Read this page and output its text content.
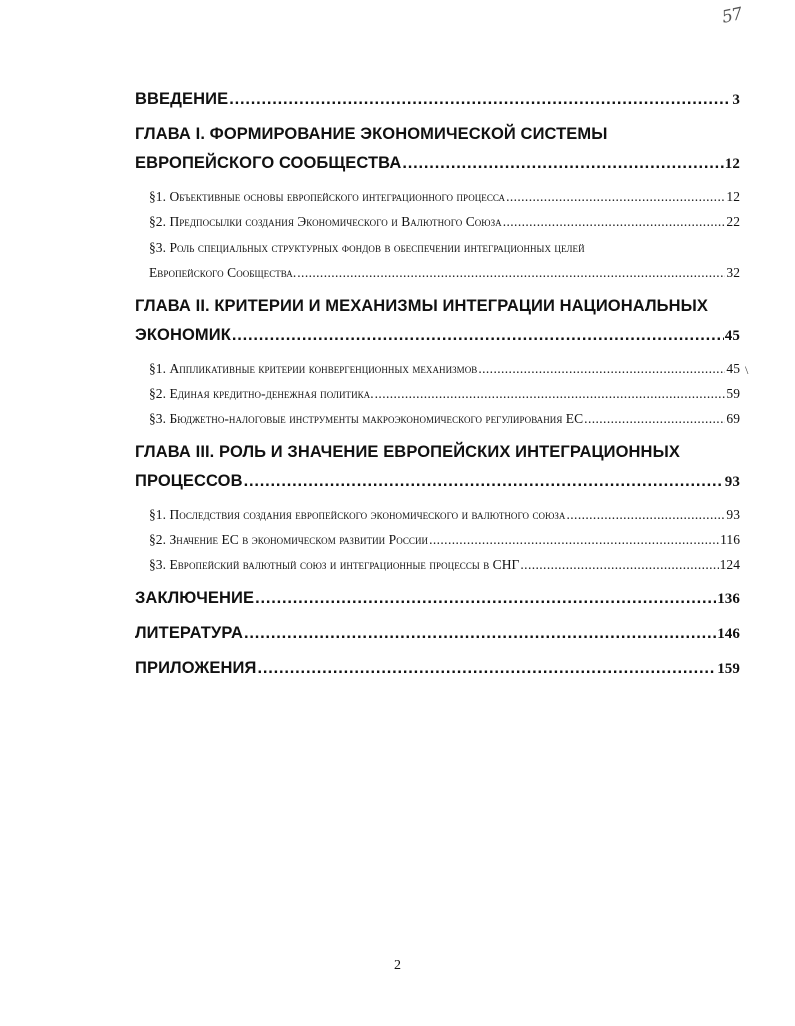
57
ВВЕДЕНИЕ .....	3
ГЛАВА I. ФОРМИРОВАНИЕ ЭКОНОМИЧЕСКОЙ СИСТЕМЫ
ЕВРОПЕЙСКОГО СООБЩЕСТВА .....	12
§1. Объективные основы европейского интеграционного процесса .....	12
§2. Предпосылки создания Экономического и Валютного Союза .....	22
§3. Роль специальных структурных фондов в обеспечении интеграционных целей
Европейского Сообщества. .....	32
ГЛАВА II. КРИТЕРИИ И МЕХАНИЗМЫ ИНТЕГРАЦИИ НАЦИОНАЛЬНЫХ
ЭКОНОМИК .....	45
§1. Аппликативные критерии конвергенционных механизмов .....	45
§2. Единая кредитно-денежная политика. .....	59
§3. Бюджетно-налоговые инструменты макроэкономического регулирования ЕС .....	69
ГЛАВА III. РОЛЬ И ЗНАЧЕНИЕ ЕВРОПЕЙСКИХ ИНТЕГРАЦИОННЫХ
ПРОЦЕССОВ .....	93
§1. Последствия создания европейского экономического и валютного союза .....	93
§2. Значение ЕС в экономическом развитии России .....	116
§3. Европейский валютный союз и интеграционные процессы в СНГ .....	124
ЗАКЛЮЧЕНИЕ .....	136
ЛИТЕРАТУРА .....	146
ПРИЛОЖЕНИЯ .....	159
\
2
